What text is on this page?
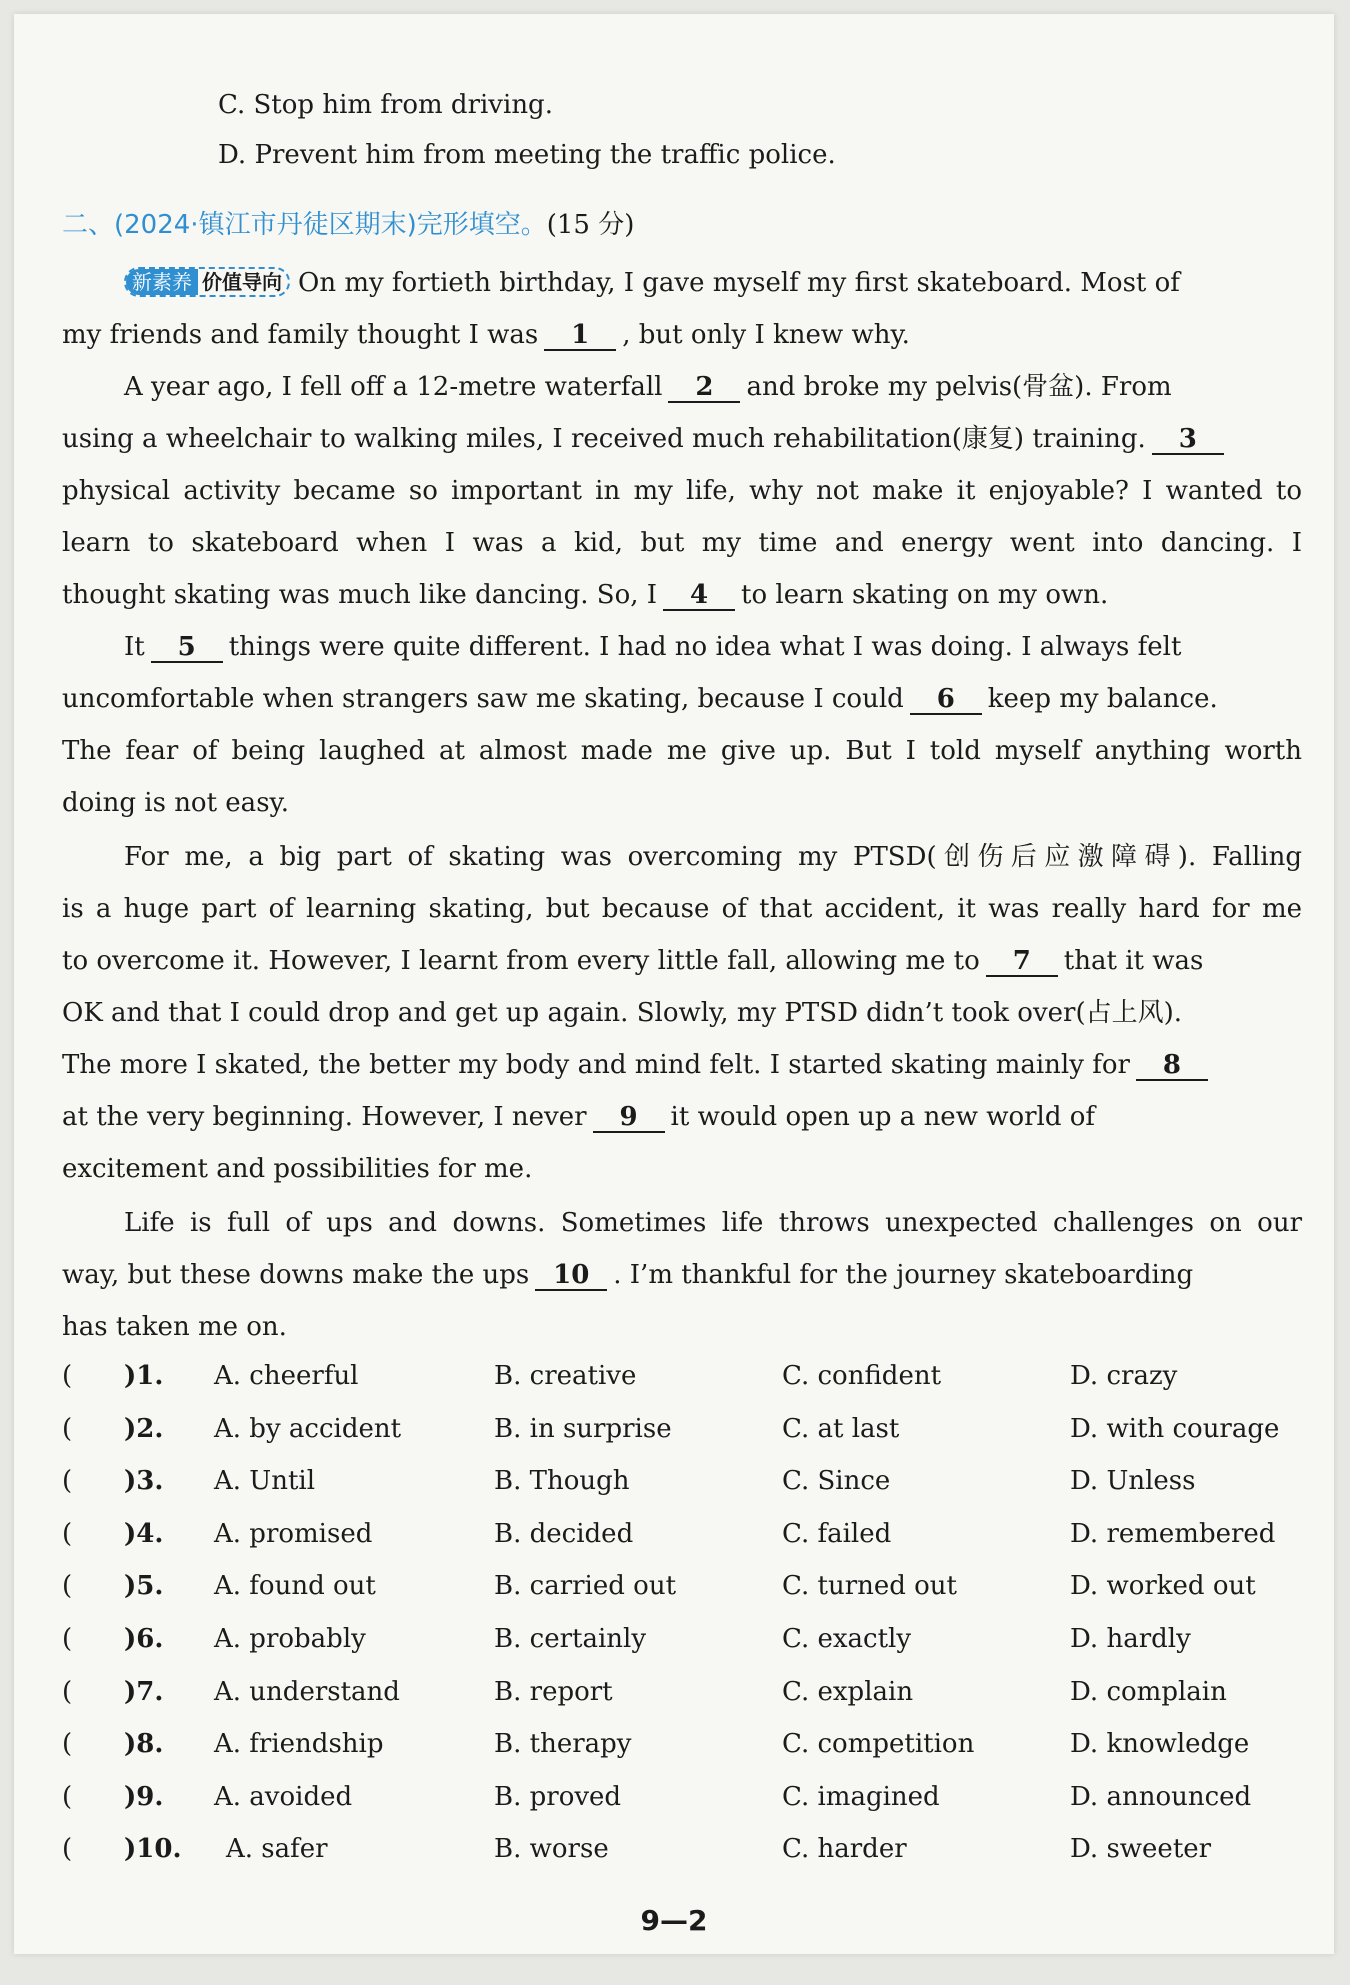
C. Stop him from driving.
D. Prevent him from meeting the traffic police.
二、(2024·镇江市丹徒区期末)完形填空。(15 分)
新素养 价值导向 On my fortieth birthday, I gave myself my first skateboard. Most of
my friends and family thought I was 1 , but only I knew why.
A year ago, I fell off a 12-metre waterfall 2 and broke my pelvis(骨盆). From
using a wheelchair to walking miles, I received much rehabilitation(康复) training. 3
physical activity became so important in my life, why not make it enjoyable? I wanted to
learn to skateboard when I was a kid, but my time and energy went into dancing. I
thought skating was much like dancing. So, I 4 to learn skating on my own.
It 5 things were quite different. I had no idea what I was doing. I always felt
uncomfortable when strangers saw me skating, because I could 6 keep my balance.
The fear of being laughed at almost made me give up. But I told myself anything worth
doing is not easy.
For me, a big part of skating was overcoming my PTSD(创伤后应激障碍). Falling
is a huge part of learning skating, but because of that accident, it was really hard for me
to overcome it. However, I learnt from every little fall, allowing me to 7 that it was
OK and that I could drop and get up again. Slowly, my PTSD didn’t took over(占上风).
The more I skated, the better my body and mind felt. I started skating mainly for 8
at the very beginning. However, I never 9 it would open up a new world of
excitement and possibilities for me.
Life is full of ups and downs. Sometimes life throws unexpected challenges on our
way, but these downs make the ups 10 . I’m thankful for the journey skateboarding
has taken me on.
( )1. A. cheerful	B. creative	C. confident	D. crazy
( )2. A. by accident	B. in surprise	C. at last	D. with courage
( )3. A. Until	B. Though	C. Since	D. Unless
( )4. A. promised	B. decided	C. failed	D. remembered
( )5. A. found out	B. carried out	C. turned out	D. worked out
( )6. A. probably	B. certainly	C. exactly	D. hardly
( )7. A. understand	B. report	C. explain	D. complain
( )8. A. friendship	B. therapy	C. competition	D. knowledge
( )9. A. avoided	B. proved	C. imagined	D. announced
( )10. A. safer	B. worse	C. harder	D. sweeter
9—2
